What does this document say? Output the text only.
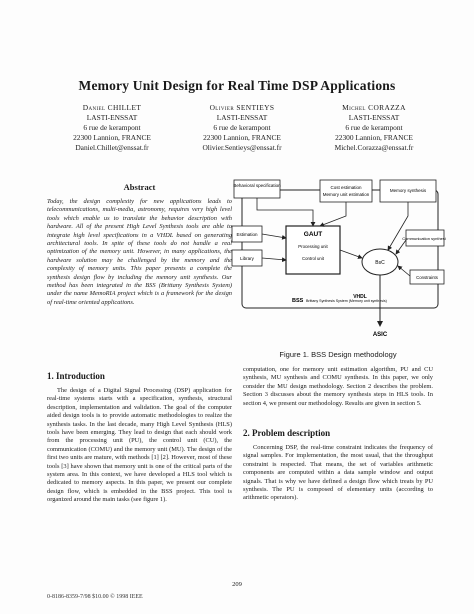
Memory Unit Design for Real Time DSP Applications
Daniel CHILLET
LASTI-ENSSAT
6 rue de kerampont
22300 Lannion, FRANCE
Daniel.Chillet@enssat.fr
Olivier SENTIEYS
LASTI-ENSSAT
6 rue de kerampont
22300 Lannion, FRANCE
Olivier.Sentieys@enssat.fr
Michel CORAZZA
LASTI-ENSSAT
6 rue de kerampont
22300 Lannion, FRANCE
Michel.Corazza@enssat.fr
Abstract
Today, the design complexity for new applications leads to telecommunications, multi-media, astronomy, requires very high level tools which enable us to translate the behavior description with hardware. All of the present High Level Synthesis tools are able to integrate high level specifications in a VHDL based on generating architectural tools. In spite of these tools do not handle a real optimization of the memory unit. However, in many applications, the hardware solution may be challenged by the memory and the complexity of memory units. This paper presents a complete the synthesis design flow by including the memory unit synthesis. Our method has been integrated in the BSS (Brittany Synthesis System) under the name MemoRIA project which is a framework for the design of real-time oriented applications.
1. Introduction
The design of a Digital Signal Processing (DSP) application for real-time systems starts with a specification, synthesis, structural description, implementation and validation. The goal of the computer aided design tools is to provide automatic methodologies to realize the synthesis tasks. In the last decade, many High Level Synthesis (HLS) tools have been emerging. They lead to design that each should work from the processing unit (PU), the control unit (CU), the communication (COMU) and the memory unit (MU). The design of the first two units are mature, with methods [1] [2]. However, most of these tools [3] have shown that memory unit is one of the critical parts of the system area. In this context, we have developed a HLS tool which is dedicated to memory aspects. In this paper, we present our complete design flow, which is embedded in the BSS project. This tool is organized around the main tasks (see figure 1).
Behavioral specification	Cost estimation
Memory unit estimation
Memory synthesis
Estimation
Library
GAUT
Processing unit
Control unit
BsC
Communication synthesis
Constraints
VHDL
ASIC
BSS Brittany Synthesis System (Memory unit synthesis)
Figure 1. BSS Design methodology
computation, one for memory unit estimation algorithm, PU and CU synthesis, MU synthesis and COMU synthesis. In this paper, we only consider the MU design methodology. Section 2 describes the problem. Section 3 discusses about the memory synthesis steps in HLS tools. In section 4, we present our methodology. Results are given in section 5.
2. Problem description
Concerning DSP, the real-time constraint indicates the frequency of signal samples. For implementation, the most usual, that the throughput constraint is respected. That means, the set of variables arithmetic components are computed within a data sample window and output signals. That is why we have defined a design flow which treats by PU synthesis. The PU is composed of elementary units (according to arithmetic operators).
209
0-8186-8359-7/98 $10.00 © 1998 IEEE
